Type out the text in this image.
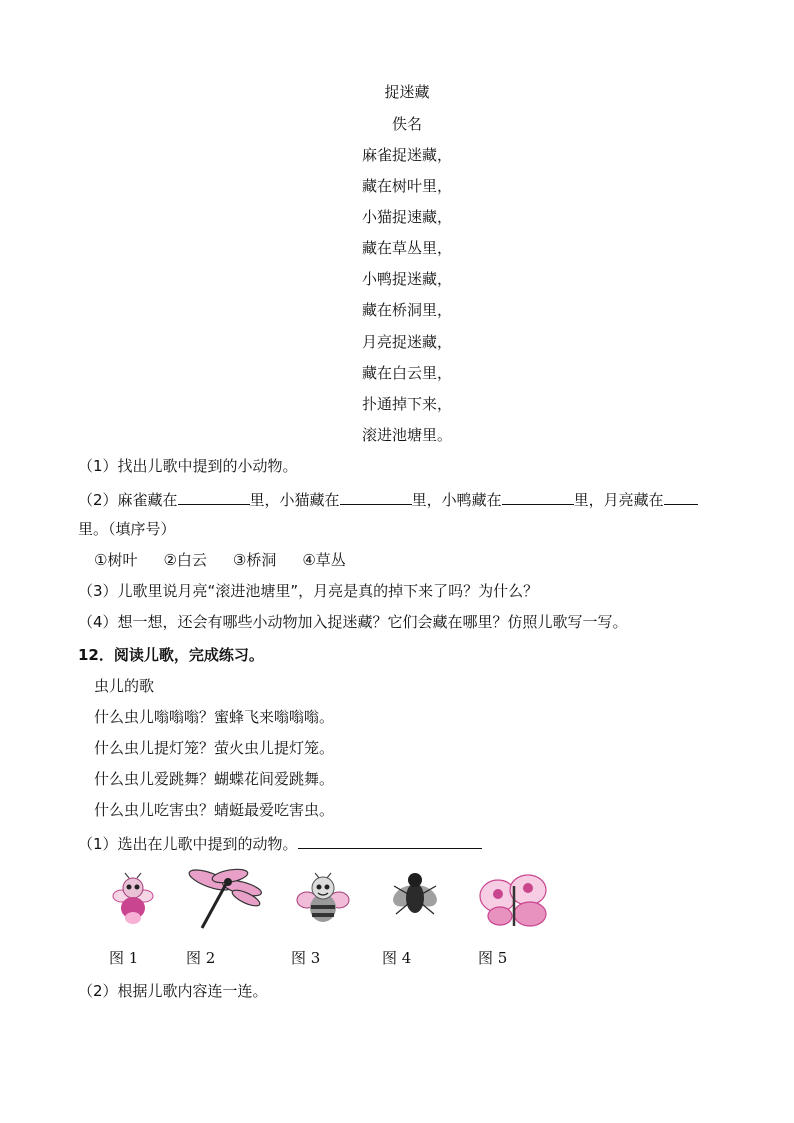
捉迷藏
佚名
麻雀捉迷藏，
藏在树叶里，
小猫捉速藏，
藏在草丛里，
小鸭捉迷藏，
藏在桥洞里，
月亮捉迷藏，
藏在白云里，
扑通掉下来，
滚进池塘里。
（1）找出儿歌中提到的小动物。
（2）麻雀藏在	里，小猫藏在	里，小鸭藏在	里，月亮藏在
里。（填序号）
①树叶 ②白云 ③桥洞 ④草丛
（3）儿歌里说月亮“滚进池塘里”，月亮是真的掉下来了吗？为什么？
（4）想一想，还会有哪些小动物加入捉迷藏？它们会藏在哪里？仿照儿歌写一写。
12．阅读儿歌，完成练习。
虫儿的歌
什么虫儿嗡嗡嗡？蜜蜂飞来嗡嗡嗡。
什么虫儿提灯笼？萤火虫儿提灯笼。
什么虫儿爱跳舞？蝴蝶花间爱跳舞。
什么虫儿吃害虫？蜻蜓最爱吃害虫。
（1）选出在儿歌中提到的动物。
图 1	图 2	图 3	图 4	图 5
（2）根据儿歌内容连一连。
